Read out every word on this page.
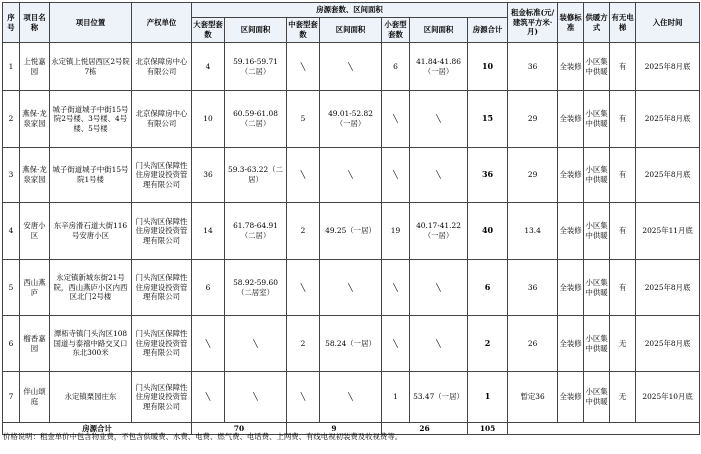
序号	项目名称	项目位置	产权单位	房源套数、区间面积							租金标准(元/建筑平方米·月)	装修标准	供暖方式	有无电梯	入住时间
				大套型套数	区间面积	中套型套数	区间面积	小套型套数	区间面积	房源合计					
1	上悦嘉园	永定镇上悦居西区2号院7栋	北京保障房中心有限公司	4	59.16-59.71（二居）	╲	╲	6	41.84-41.86（一居）	10	36	全装修	小区集中供暖	有	2025年8月底
2	燕保·龙泉家园	城子街道城子中街15号院2号楼、3号楼、4号楼、5号楼	北京保障房中心有限公司	10	60.59-61.08（二居）	5	49.01-52.82（一居）	╲	╲	15	29	全装修	小区集中供暖	有	2025年8月底
3	燕保·龙泉家园	城子街道城子中街15号院1号楼	门头沟区保障性住房建设投资管理有限公司	36	59.3-63.22（二居）	╲	╲	╲	╲	36	29	全装修	小区集中供暖	有	2025年8月底
4	安唐小区	东辛房滑石道大街116号安唐小区	门头沟区保障性住房建设投资管理有限公司	14	61.78-64.91（二居）	2	49.25（一居）	19	40.17-41.22（一居）	40	13.4	全装修	小区集中供暖	有	2025年11月底
5	西山燕庐	永定镇新城东街21号院，西山燕庐小区内西区北门2号楼	门头沟区保障性住房建设投资管理有限公司	6	58.92-59.60（二居室）	╲	╲	╲	╲	6	36	全装修	小区集中供暖	有	2025年8月底
6	榴香嘉园	潭柘寺镇门头沟区108国道与泰禧中路交叉口东北300米	门头沟区保障性住房建设投资管理有限公司	╲	╲	2	58.24（一居）	╲	╲	2	26	全装修	小区集中供暖	无	2025年8月底
7	伴山颂庭	永定镇栗园庄东	门头沟区保障性住房建设投资管理有限公司	╲	╲	╲	╲	1	53.47（一居）	1	暂定36	全装修	小区集中供暖	无	2025年10月底
房源合计				70		9		26		105					
价格说明：租金单价中包含物业费，不包含供暖费、水费、电费、燃气费、电话费、上网费、有线电视初装费及收视费等。
